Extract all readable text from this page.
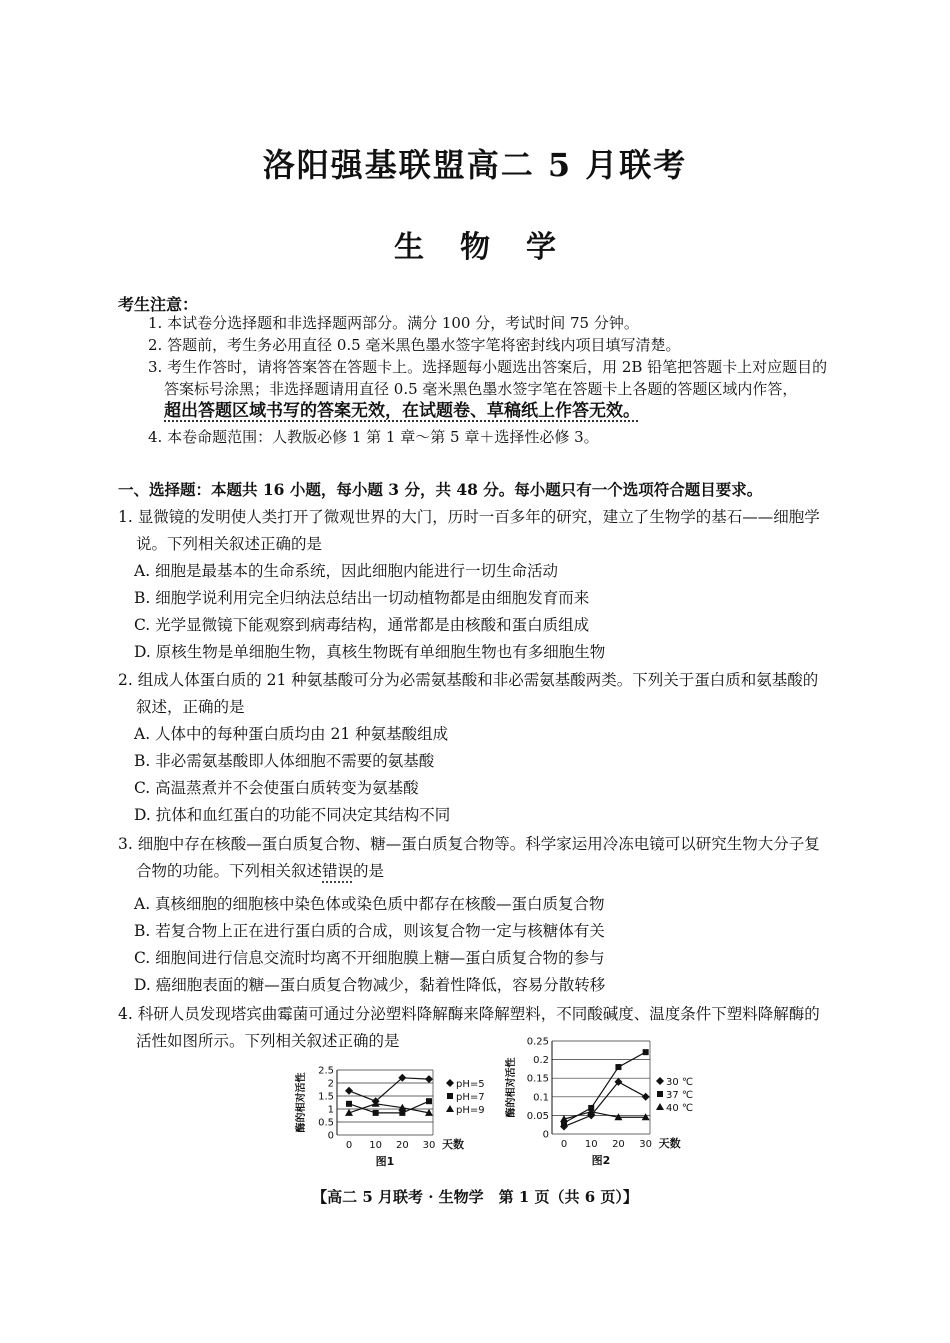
洛阳强基联盟高二 5 月联考
生物学
考生注意：
1. 本试卷分选择题和非选择题两部分。满分 100 分，考试时间 75 分钟。
2. 答题前，考生务必用直径 0.5 毫米黑色墨水签字笔将密封线内项目填写清楚。
3. 考生作答时，请将答案答在答题卡上。选择题每小题选出答案后，用 2B 铅笔把答题卡上对应题目的
答案标号涂黑；非选择题请用直径 0.5 毫米黑色墨水签字笔在答题卡上各题的答题区域内作答，
超出答题区域书写的答案无效，在试题卷、草稿纸上作答无效。
4. 本卷命题范围：人教版必修 1 第 1 章～第 5 章＋选择性必修 3。
一、选择题：本题共 16 小题，每小题 3 分，共 48 分。每小题只有一个选项符合题目要求。
1. 显微镜的发明使人类打开了微观世界的大门，历时一百多年的研究，建立了生物学的基石——细胞学
说。下列相关叙述正确的是
A. 细胞是最基本的生命系统，因此细胞内能进行一切生命活动
B. 细胞学说利用完全归纳法总结出一切动植物都是由细胞发育而来
C. 光学显微镜下能观察到病毒结构，通常都是由核酸和蛋白质组成
D. 原核生物是单细胞生物，真核生物既有单细胞生物也有多细胞生物
2. 组成人体蛋白质的 21 种氨基酸可分为必需氨基酸和非必需氨基酸两类。下列关于蛋白质和氨基酸的
叙述，正确的是
A. 人体中的每种蛋白质均由 21 种氨基酸组成
B. 非必需氨基酸即人体细胞不需要的氨基酸
C. 高温蒸煮并不会使蛋白质转变为氨基酸
D. 抗体和血红蛋白的功能不同决定其结构不同
3. 细胞中存在核酸—蛋白质复合物、糖—蛋白质复合物等。科学家运用冷冻电镜可以研究生物大分子复
合物的功能。下列相关叙述错误的是
A. 真核细胞的细胞核中染色体或染色质中都存在核酸—蛋白质复合物
B. 若复合物上正在进行蛋白质的合成，则该复合物一定与核糖体有关
C. 细胞间进行信息交流时均离不开细胞膜上糖—蛋白质复合物的参与
D. 癌细胞表面的糖—蛋白质复合物减少，黏着性降低，容易分散转移
4. 科研人员发现塔宾曲霉菌可通过分泌塑料降解酶来降解塑料，不同酸碱度、温度条件下塑料降解酶的
活性如图所示。下列相关叙述正确的是
0
0.5
1
1.5
2
2.5
0 10 20 30 天数
酶的相对活性	pH=5
pH=7
pH=9
图1
0
0.05
0.1
0.15
0.2
0.25
0 10 20 30 天数
酶的相对活性	30 ℃
37 ℃
40 ℃
图2
【高二 5 月联考 · 生物学　第 1 页（共 6 页）】
